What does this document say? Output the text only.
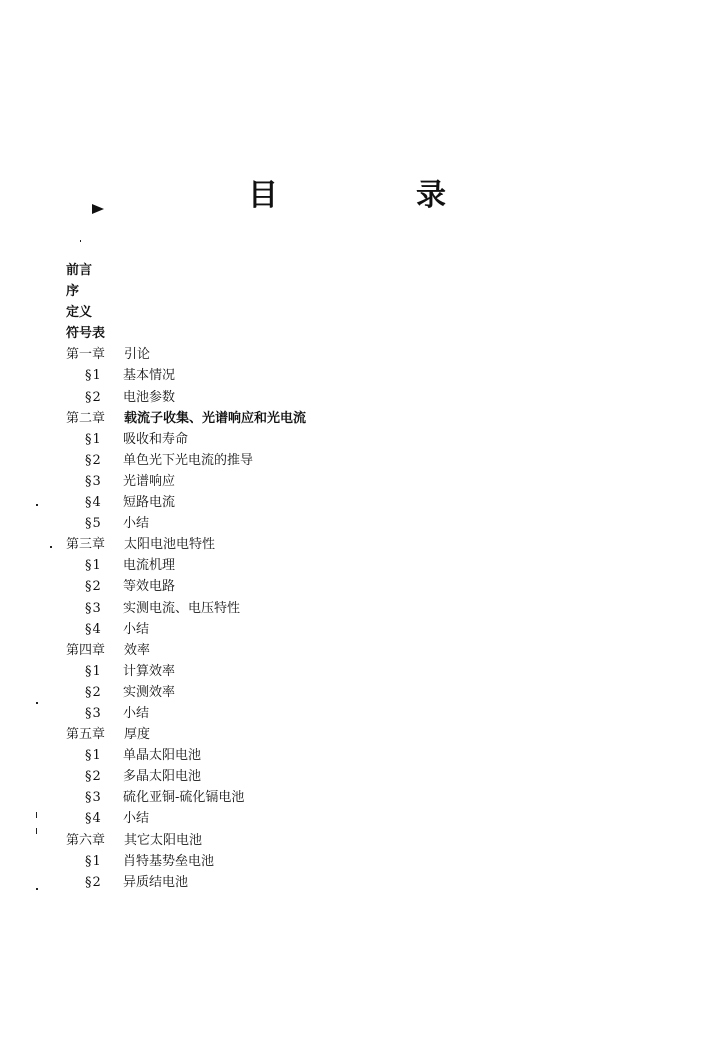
目	录
前言
序
定义
符号表
第一章	引论
§1	基本情况
§2	电池参数
第二章	载流子收集、光谱响应和光电流
§1	吸收和寿命
§2	单色光下光电流的推导
§3	光谱响应
§4	短路电流
§5	小结
第三章	太阳电池电特性
§1	电流机理
§2	等效电路
§3	实测电流、电压特性
§4	小结
第四章	效率
§1	计算效率
§2	实测效率
§3	小结
第五章	厚度
§1	单晶太阳电池
§2	多晶太阳电池
§3	硫化亚铜-硫化镉电池
§4	小结
第六章	其它太阳电池
§1	肖特基势垒电池
§2	异质结电池
